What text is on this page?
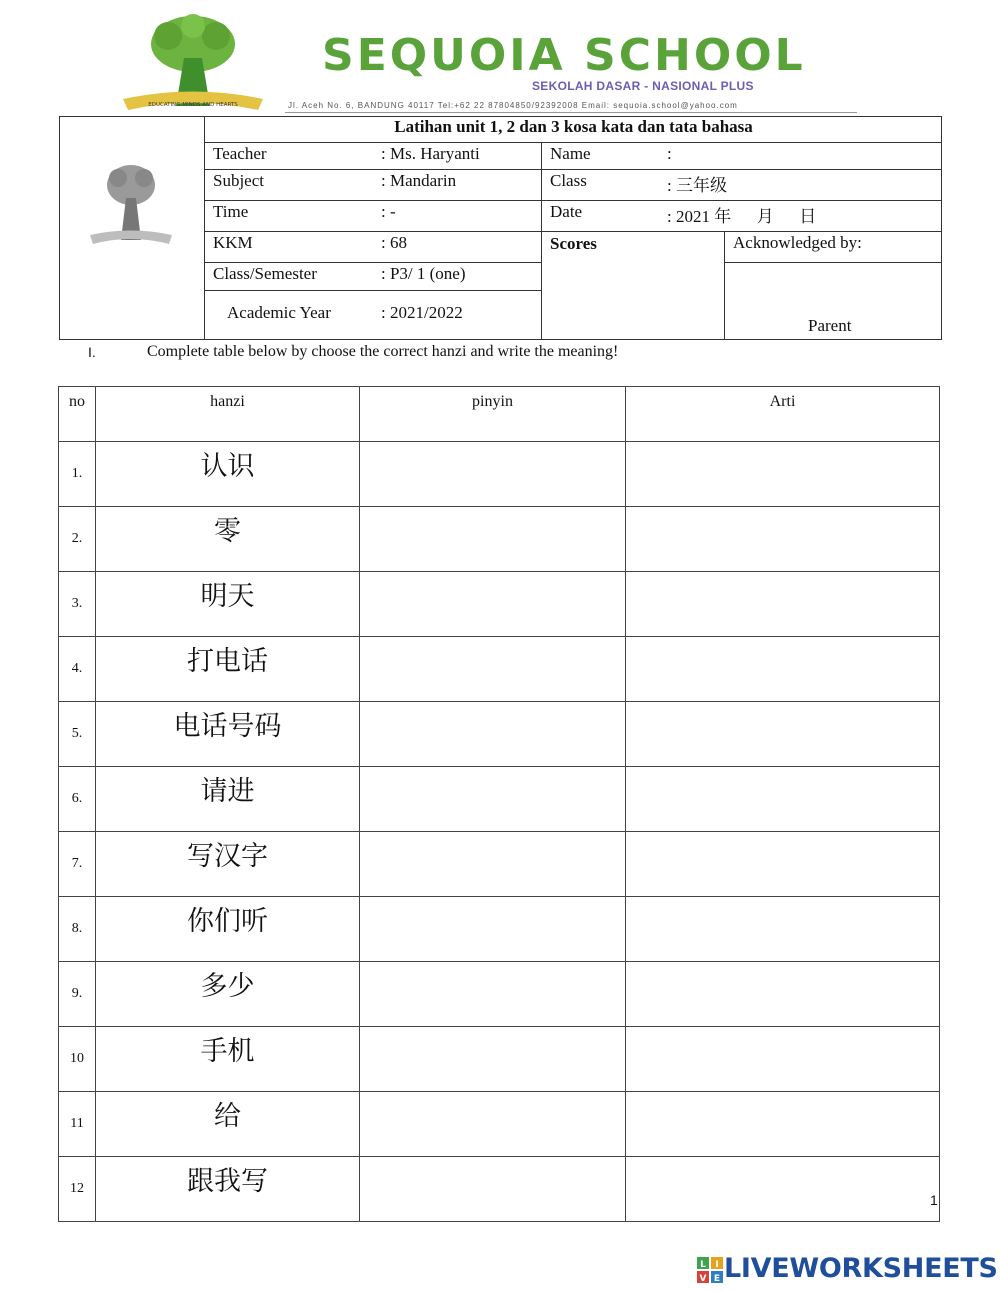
EDUCATING MINDS AND HEARTS
SEQUOIA SCHOOL
SEKOLAH DASAR - NASIONAL PLUS
Jl. Aceh No. 6, BANDUNG 40117 Tel:+62 22 87804850/92392008 Email: sequoia.school@yahoo.com
Latihan unit 1, 2 dan 3 kosa kata dan tata bahasa
Teacher	: Ms. Haryanti	Name	:
Subject	: Mandarin	Class	: 三年级
Time	: -	Date	: 2021 年      月      日
KKM	: 68	Scores	Acknowledged by:
Class/Semester	: P3/ 1 (one)
Academic Year	: 2021/2022
Parent
I.	Complete table below by choose the correct hanzi and write the meaning!
no	hanzi	pinyin	Arti
1.	认识		
2.	零		
3.	明天		
4.	打电话		
5.	电话号码		
6.	请进		
7.	写汉字		
8.	你们听		
9.	多少		
10	手机		
11	给		
12	跟我写		
1
L I
V E LIVEWORKSHEETS
